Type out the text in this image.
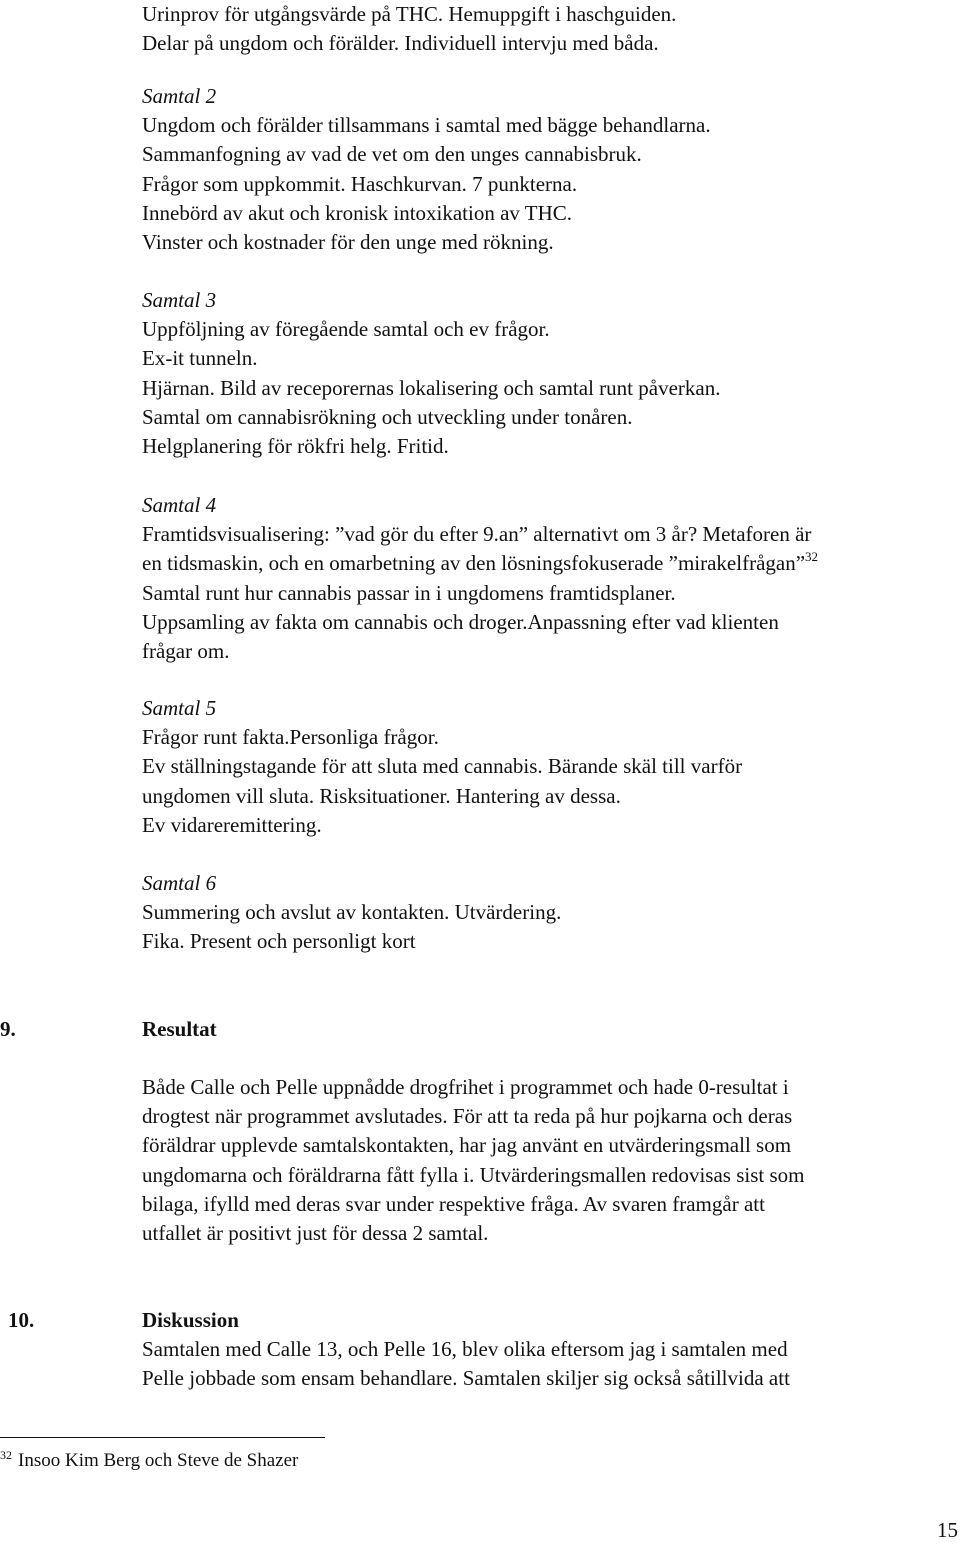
Urinprov för utgångsvärde på THC. Hemuppgift i haschguiden.
Delar på ungdom och förälder. Individuell intervju med båda.
Samtal 2
Ungdom och förälder tillsammans i samtal med bägge behandlarna.
Sammanfogning av vad de vet om den unges cannabisbruk.
Frågor som uppkommit. Haschkurvan. 7 punkterna.
Innebörd av akut och kronisk intoxikation av THC.
Vinster och kostnader för den unge med rökning.
Samtal 3
Uppföljning av föregående samtal och ev frågor.
Ex-it tunneln.
Hjärnan. Bild av receporernas lokalisering och samtal runt påverkan.
Samtal om cannabisrökning och utveckling under tonåren.
Helgplanering för rökfri helg. Fritid.
Samtal 4
Framtidsvisualisering: ”vad gör du efter 9.an” alternativt om 3 år? Metaforen är
en tidsmaskin, och en omarbetning av den lösningsfokuserade ”mirakelfrågan”$^{32}$
Samtal runt hur cannabis passar in i ungdomens framtidsplaner.
Uppsamling av fakta om cannabis och droger.Anpassning efter vad klienten
frågar om.
Samtal 5
Frågor runt fakta.Personliga frågor.
Ev ställningstagande för att sluta med cannabis. Bärande skäl till varför
ungdomen vill sluta. Risksituationer. Hantering av dessa.
Ev vidareremittering.
Samtal 6
Summering och avslut av kontakten. Utvärdering.
Fika. Present och personligt kort
9.	Resultat
Både Calle och Pelle uppnådde drogfrihet i programmet och hade 0-resultat i
drogtest när programmet avslutades. För att ta reda på hur pojkarna och deras
föräldrar upplevde samtalskontakten, har jag använt en utvärderingsmall som
ungdomarna och föräldrarna fått fylla i. Utvärderingsmallen redovisas sist som
bilaga, ifylld med deras svar under respektive fråga. Av svaren framgår att
utfallet är positivt just för dessa 2 samtal.
10.	Diskussion
Samtalen med Calle 13, och Pelle 16, blev olika eftersom jag i samtalen med
Pelle jobbade som ensam behandlare. Samtalen skiljer sig också såtillvida att
$^{32}$ Insoo Kim Berg och Steve de Shazer
15
